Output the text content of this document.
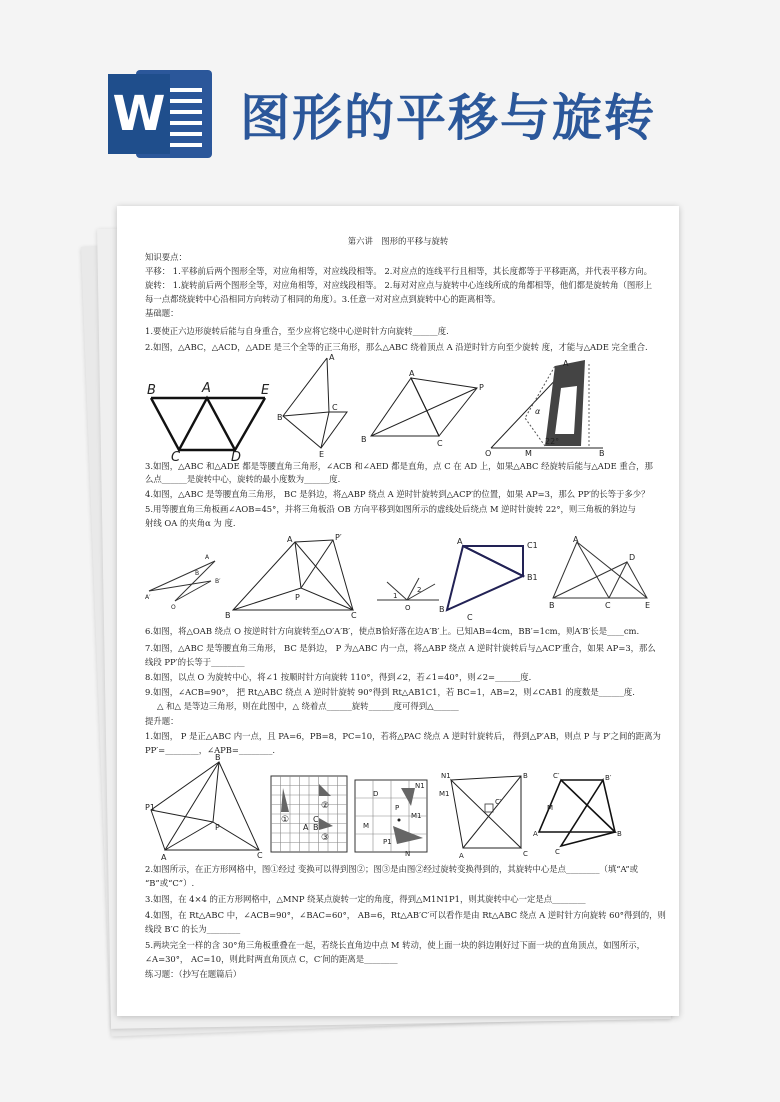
W 图形的平移与旋转
第六讲　图形的平移与旋转
知识要点：
平移： 1.平移前后两个图形全等，对应角相等，对应线段相等。 2.对应点的连线平行且相等，其长度都等于平移距离，并代表平移方向。
旋转： 1.旋转前后两个图形全等，对应角相等，对应线段相等。 2.每对对应点与旋转中心连线所成的角都相等，他们都是旋转角（图形上
每一点都绕旋转中心沿相同方向转动了相同的角度）。3.任意一对对应点到旋转中心的距离相等。
基础题：
1.要使正六边形旋转后能与自身重合，至少应将它绕中心逆时针方向旋转______度.
2.如图，△ABC，△ACD，△ADE 是三个全等的正三角形，那么△ABC 绕着顶点 A 沿逆时针方向至少旋转 度，才能与△ADE 完全重合.
B	A	E
C	D
A
C
B
E
A
P
B	C
A
α
O	M
22°
B
3.如图，△ABC 和△ADE 都是等腰直角三角形，∠ACB 和∠AED 都是直角，点 C 在 AD 上，如果△ABC 经旋转后能与△ADE 重合，那
么点______是旋转中心，旋转的最小度数为______度.
4.如图，△ABC 是等腰直角三角形， BC 是斜边，将△ABP 绕点 A 逆时针旋转到△ACP′的位置，如果 AP=3，那么 PP′的长等于多少？
5.用等腰直角三角板画∠AOB=45°，并将三角板沿 OB 方向平移到如图所示的虚线处后绕点 M 逆时针旋转 22°，则三角板的斜边与
射线 OA 的夹角α 为 度.
A
B′
A′
O
B
A	P′
P
B	C
1
2
O
A	C1
B1
B
C
A
D
B	C	E
6.如图，将△OAB 绕点 O 按逆时针方向旋转至△O′A′B′，使点B恰好落在边A′B′上。已知AB=4cm，BB′=1cm，则A′B′长是____cm.
7.如图，△ABC 是等腰直角三角形， BC 是斜边， P 为△ABC 内一点，将△ABP 绕点 A 逆时针旋转后与△ACP′重合，如果 AP=3，那么
线段 PP′的长等于________
8.如图，以点 O 为旋转中心，将∠1 按顺时针方向旋转 110°，得到∠2，若∠1=40°，则∠2=______度.
9.如图，∠ACB=90°， 把 Rt△ABC 绕点 A 逆时针旋转 90°得到 Rt△AB1C1，若 BC=1，AB=2，则∠CAB1 的度数是______度.
△ 和△ 是等边三角形，则在此图中，△ 绕着点______旋转______度可得到△______
提升题：
1.如图， P 是正△ABC 内一点，且 PA=6，PB=8，PC=10，若将△PAC 绕点 A 逆时针旋转后， 得到△P′AB，则点 P 与 P′之间的距离为
PP′=________，∠APB=________.
B
P
P1
A	C
①
②
③
A B
C
D
P
M
N
P1
M1
N1
N1
M1
C′
B
C
A
C′	B′
M
A
C
B
2.如图所示，在正方形网格中，图①经过 变换可以得到图②；图③是由图②经过旋转变换得到的，其旋转中心是点________（填“A”或
“B”或“C”）.
3.如图，在 4×4 的正方形网格中，△MNP 绕某点旋转一定的角度，得到△M1N1P1，则其旋转中心一定是点________
4.如图，在 Rt△ABC 中，∠ACB=90°，∠BAC=60°， AB=6，Rt△AB′C′可以看作是由 Rt△ABC 绕点 A 逆时针方向旋转 60°得到的，则
线段 B′C 的长为________
5.两块完全一样的含 30°角三角板重叠在一起，若绕长直角边中点 M 转动，使上面一块的斜边刚好过下面一块的直角顶点，如图所示，
∠A=30°， AC=10，则此时两直角顶点 C，C′间的距离是________
练习题：（抄写在题篇后）
